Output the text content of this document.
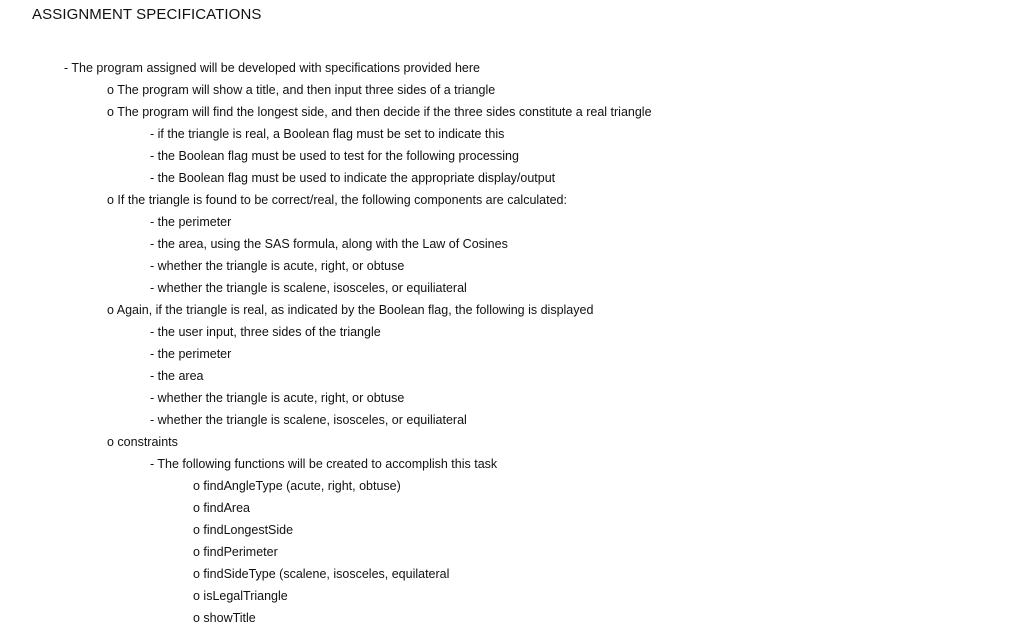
ASSIGNMENT SPECIFICATIONS
- The program assigned will be developed with specifications provided here
o The program will show a title, and then input three sides of a triangle
o The program will find the longest side, and then decide if the three sides constitute a real triangle
- if the triangle is real, a Boolean flag must be set to indicate this
- the Boolean flag must be used to test for the following processing
- the Boolean flag must be used to indicate the appropriate display/output
o If the triangle is found to be correct/real, the following components are calculated:
- the perimeter
- the area, using the SAS formula, along with the Law of Cosines
- whether the triangle is acute, right, or obtuse
- whether the triangle is scalene, isosceles, or equiliateral
o Again, if the triangle is real, as indicated by the Boolean flag, the following is displayed
- the user input, three sides of the triangle
- the perimeter
- the area
- whether the triangle is acute, right, or obtuse
- whether the triangle is scalene, isosceles, or equiliateral
o constraints
- The following functions will be created to accomplish this task
o findAngleType (acute, right, obtuse)
o findArea
o findLongestSide
o findPerimeter
o findSideType (scalene, isosceles, equilateral
o isLegalTriangle
o showTitle
